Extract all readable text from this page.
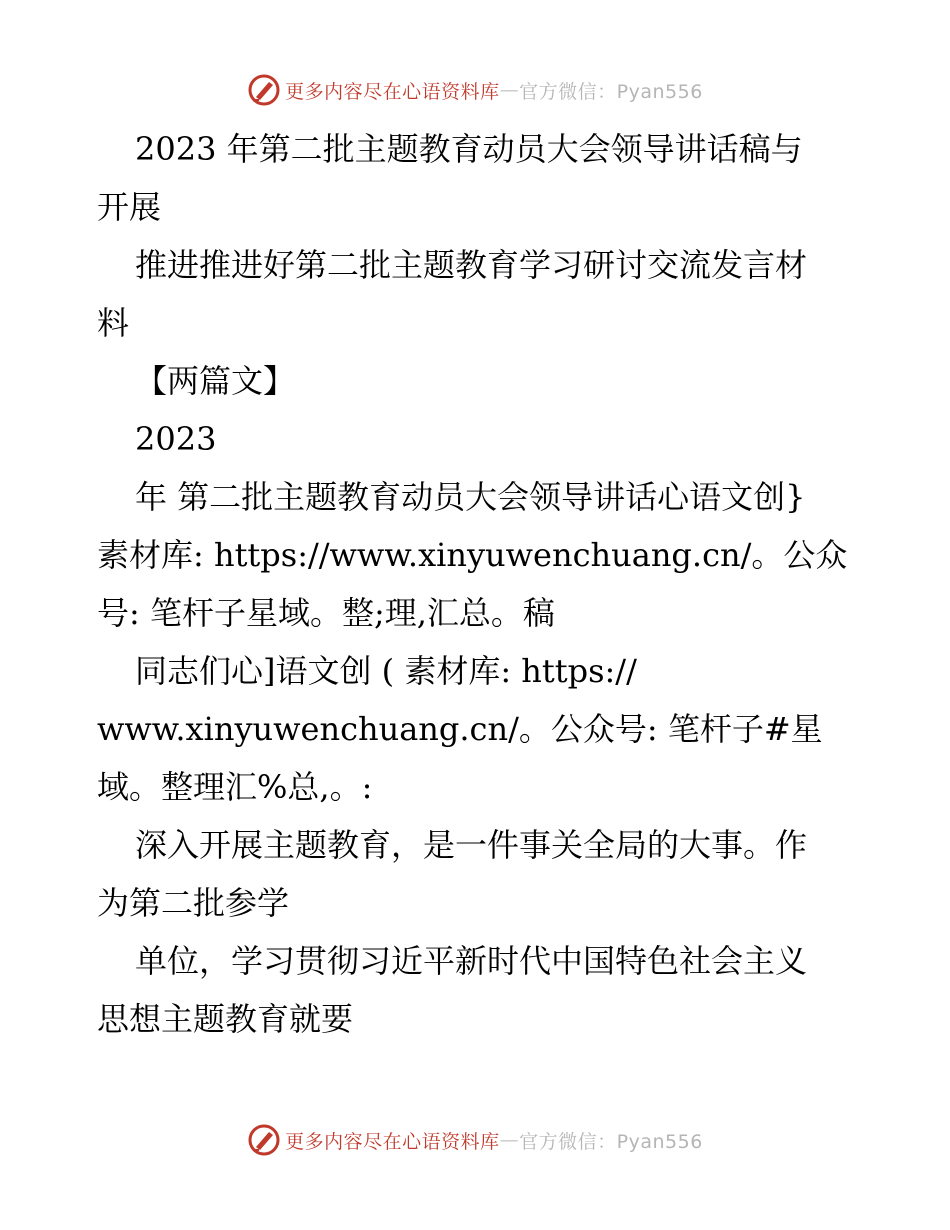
更多内容尽在心语资料库 — 官方微信：Pyan556
2023 年第二批主题教育动员大会领导讲话稿与
开展
推进推进好第二批主题教育学习研讨交流发言材
料
【两篇文】
2023
年 第二批主题教育动员大会领导讲话心语文创}
素材库: https://www.xinyuwenchuang.cn/。公众
号: 笔杆子星域。整;理,汇总。稿
同志们心]语文创 ( 素材库: https://
www.xinyuwenchuang.cn/。公众号: 笔杆子#星
域。整理汇%总,。:
深入开展主题教育，是一件事关全局的大事。作
为第二批参学
单位，学习贯彻习近平新时代中国特色社会主义
思想主题教育就要
更多内容尽在心语资料库 — 官方微信：Pyan556
